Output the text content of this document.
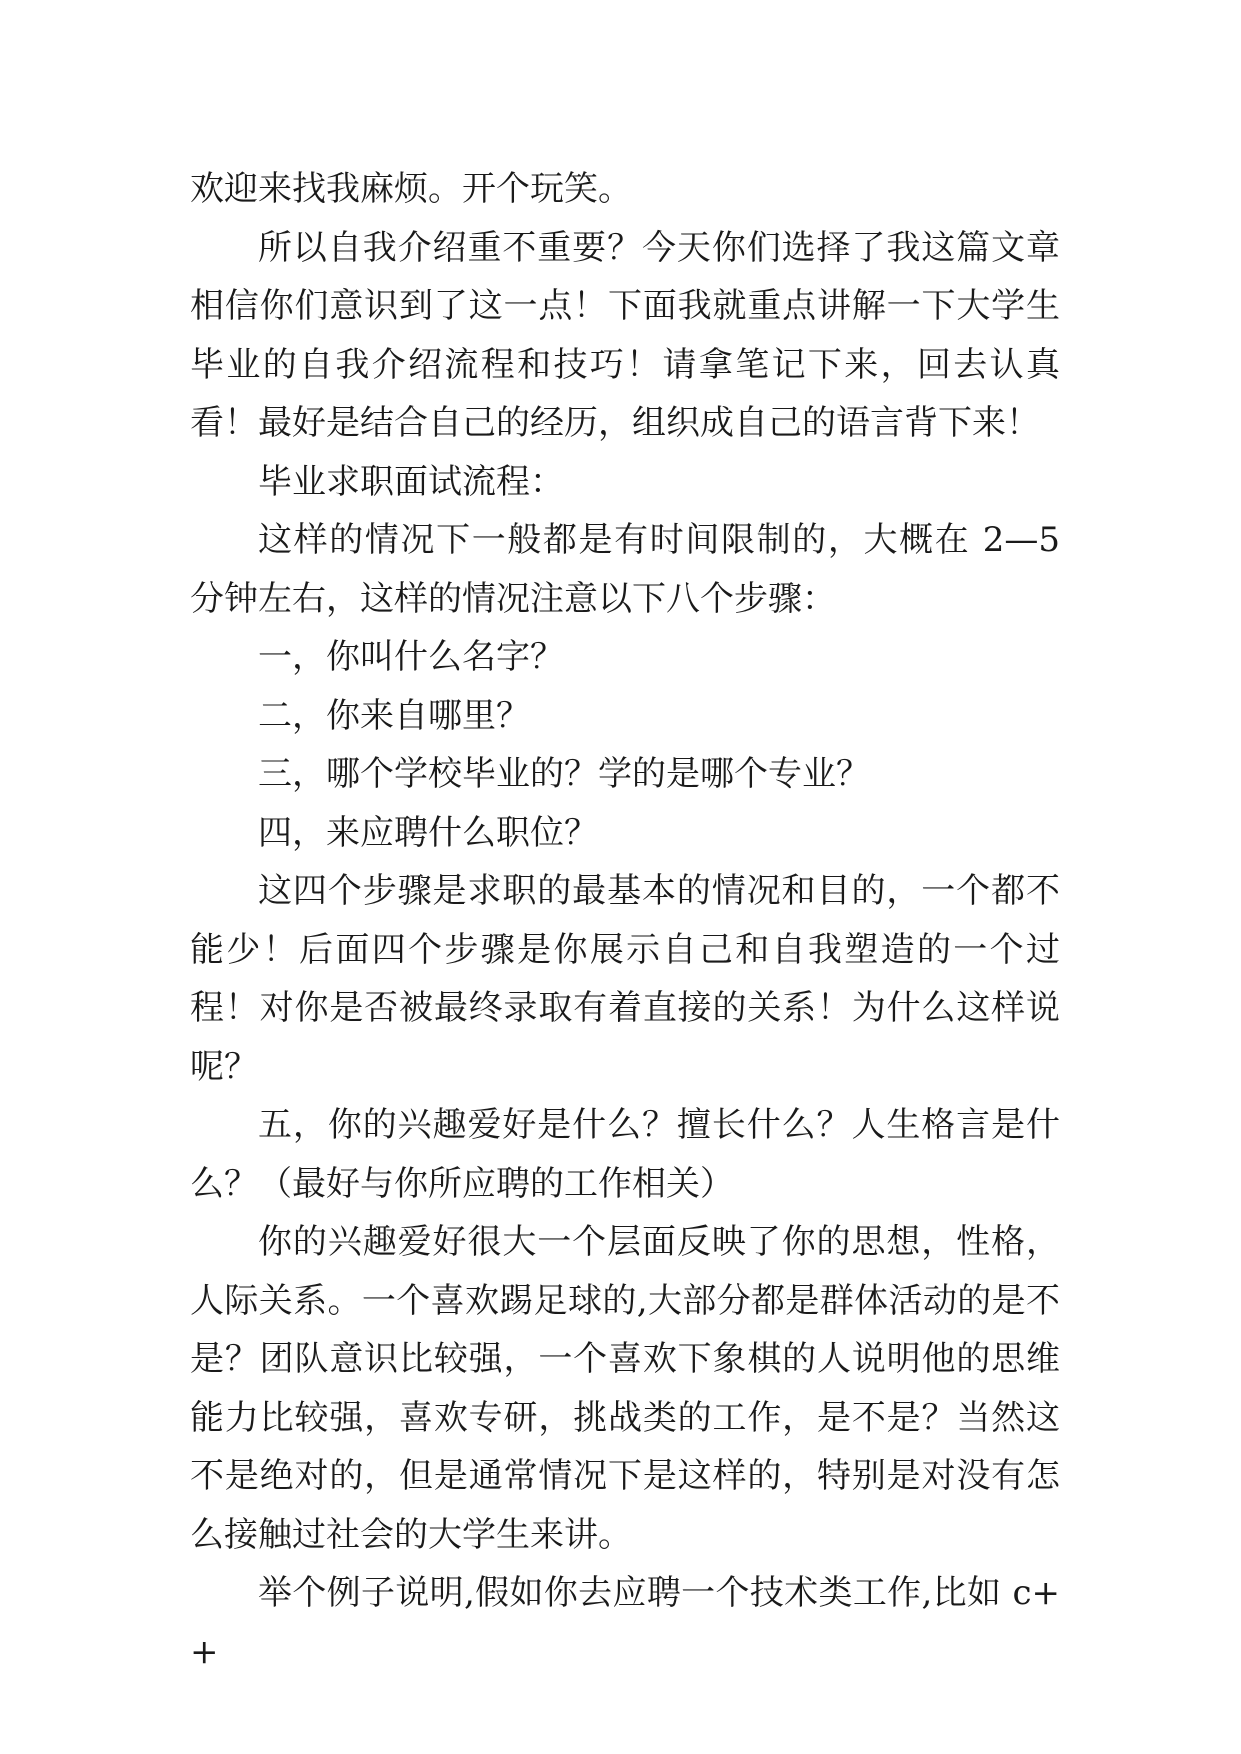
欢迎来找我麻烦。开个玩笑。

所以自我介绍重不重要？今天你们选择了我这篇文章相信你们意识到了这一点！下面我就重点讲解一下大学生毕业的自我介绍流程和技巧！请拿笔记下来，回去认真看！最好是结合自己的经历，组织成自己的语言背下来！

毕业求职面试流程：

这样的情况下一般都是有时间限制的，大概在 2—5 分钟左右，这样的情况注意以下八个步骤：

一，你叫什么名字？

二，你来自哪里？

三，哪个学校毕业的？学的是哪个专业？

四，来应聘什么职位？

这四个步骤是求职的最基本的情况和目的，一个都不能少！后面四个步骤是你展示自己和自我塑造的一个过程！对你是否被最终录取有着直接的关系！为什么这样说呢？

五，你的兴趣爱好是什么？擅长什么？人生格言是什么？（最好与你所应聘的工作相关）

你的兴趣爱好很大一个层面反映了你的思想，性格，人际关系。一个喜欢踢足球的,大部分都是群体活动的是不是？团队意识比较强，一个喜欢下象棋的人说明他的思维能力比较强，喜欢专研，挑战类的工作，是不是？当然这不是绝对的，但是通常情况下是这样的，特别是对没有怎么接触过社会的大学生来讲。

举个例子说明,假如你去应聘一个技术类工作,比如 c++
